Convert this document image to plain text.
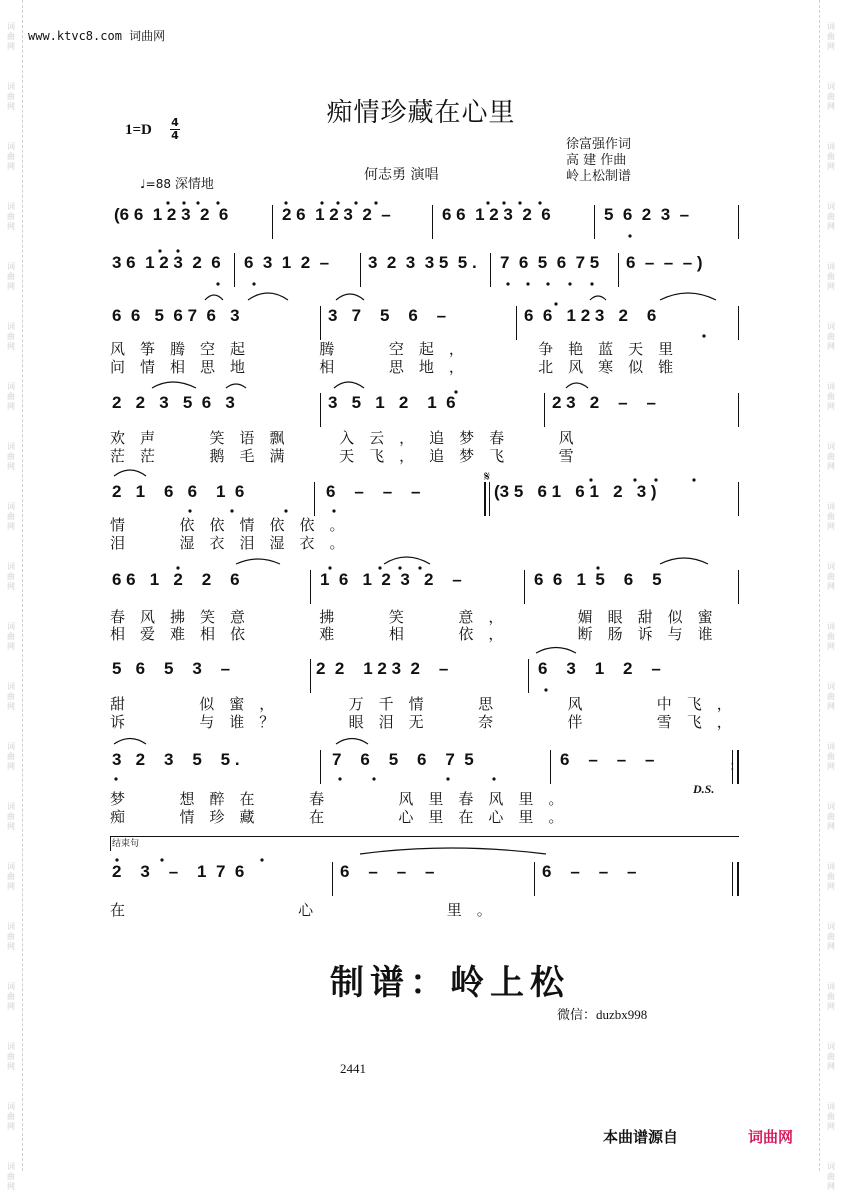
词
曲
网
词
曲
网
词
曲
网
词
曲
网
词
曲
网
词
曲
网
词
曲
网
词
曲
网
词
曲
网
词
曲
网
词
曲
网
词
曲
网
词
曲
网
词
曲
网
词
曲
网
词
曲
网
词
曲
网
词
曲
网
词
曲
网
词
曲
网
词
曲
网
词
曲
网
词
曲
网
词
曲
网
词
曲
网
词
曲
网
词
曲
网
词
曲
网
词
曲
网
词
曲
网
词
曲
网
词
曲
网
词
曲
网
词
曲
网
词
曲
网
词
曲
网
词
曲
网
词
曲
网
词
曲
网
词
曲
网
www.ktvc8.com 词曲网
痴情珍藏在心里
1=D 4
4
徐富强作词
高 建 作曲
岭上松制谱
何志勇 演唱
♩=88 深情地
(6 6  1 2 3  2  6	2 6  1 2 3  2  –	6 6  1 2 3  2  6	5  6  2  3  –
3 6  1 2 3  2  6 6  3  1  2  – 3  2  3  3 5  5 . 7  6  5  6  7 5 6  –  –  – )
6  6   5  6 7  6   3	3   7    5    6    –	6  6   1 2 3   2    6
风筝腾空起   腾  空起，   争艳蓝天里
问情相思地   相  思地，   北风寒似锥
2   2   3   5  6   3	3   5   1   2    1  6	2 3   2    –    –
欢声  笑语飘  入云，追梦春  风
茫茫  鹅毛满  天飞，追梦飞  雪
2   1    6   6    1  6	6    –    –    –	(3 5   6 1   6 1   2   3 )
情  依依情依依。
泪  湿衣泪湿衣。
6 6   1   2    2    6	1  6   1  2  3   2    –	6  6   1  5    6    5
春风拂笑意   拂  笑  意，   媚眼甜似蜜
相爱难相依   难  相  依，   断肠诉与谁
5   6    5    3    –	2  2    1 2 3  2    –	6    3    1    2    –
甜   似蜜，   万千情  思   风   中飞，
诉   与谁？   眼泪无  奈   伴   雪飞，
3   2    3    5    5 .	7    6    5    6    7  5	6    –    –    –
梦  想醉在  春   风里春风里。
痴  情珍藏  在   心里在心里。
D.S.
结束句
2    3    –    1  7  6	6    –    –    –	6    –    –    –
在        心      里。
𝄋
:
制谱：岭上松
微信：duzbx998
2441
本曲谱源自	词曲网
